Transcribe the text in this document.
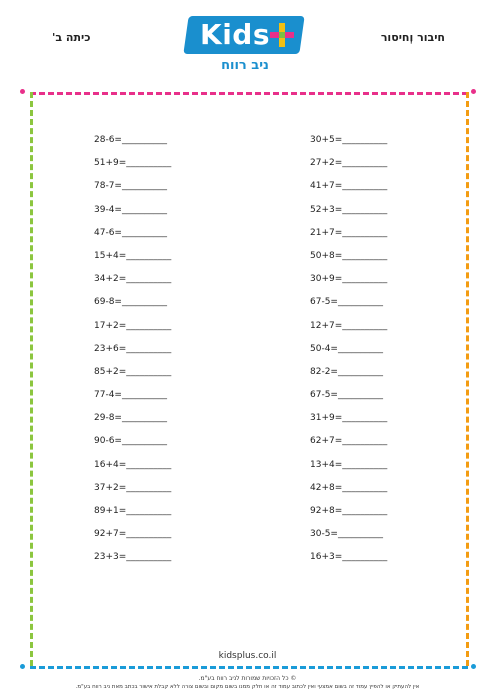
חיבור וְחיסור
כיתה ב'	Kids
ניב רווח
28-6=__________
51+9=__________
78-7=__________
39-4=__________
47-6=__________
15+4=__________
34+2=__________
69-8=__________
17+2=__________
23+6=__________
85+2=__________
77-4=__________
29-8=__________
90-6=__________
16+4=__________
37+2=__________
89+1=__________
92+7=__________
23+3=__________
30+5=__________
27+2=__________
41+7=__________
52+3=__________
21+7=__________
50+8=__________
30+9=__________
67-5=__________
12+7=__________
50-4=__________
82-2=__________
67-5=__________
31+9=__________
62+7=__________
13+4=__________
42+8=__________
92+8=__________
30-5=__________
16+3=__________
kidsplus.co.il
© כל הזכויות שמורות לניב רווח בע"מ.
אין להעתיק או להפיץ עמוד זה בשום אמצעי ואין לכתוב עמוד זה או חלק ממנו בשום מקום ובשום צורה ללא קבלת אישור בכתב מאת ניב רווח בע"מ.
